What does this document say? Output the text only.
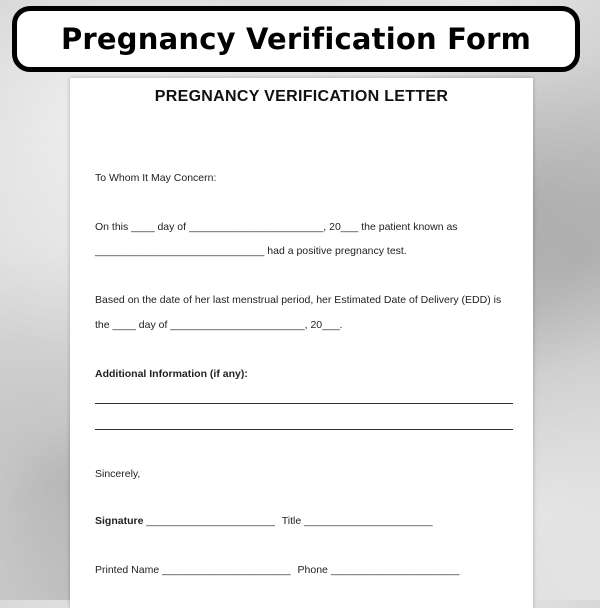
Pregnancy Verification Form
PREGNANCY VERIFICATION LETTER
To Whom It May Concern:
On this ____ day of _______________________, 20___ the patient known as
_____________________________ had a positive pregnancy test.
Based on the date of her last menstrual period, her Estimated Date of Delivery (EDD) is
the ____ day of _______________________, 20___.
Additional Information (if any):
Sincerely,
Signature ______________________ Title ______________________
Printed Name ______________________ Phone ______________________
